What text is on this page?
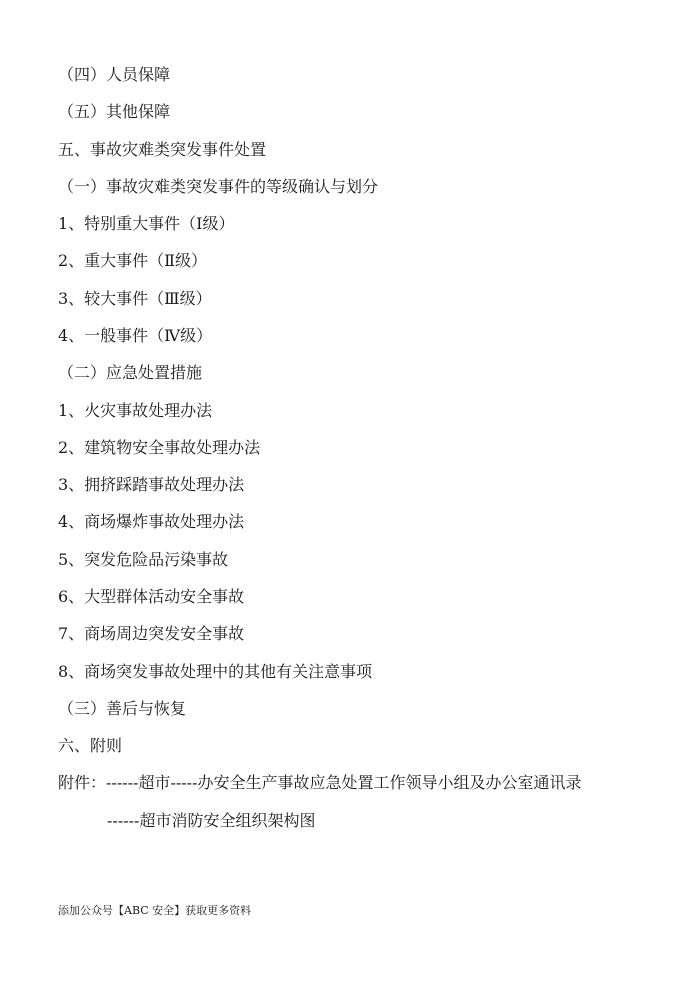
（四）人员保障
（五）其他保障
五、事故灾难类突发事件处置
（一）事故灾难类突发事件的等级确认与划分
1、特别重大事件（Ⅰ级）
2、重大事件（Ⅱ级）
3、较大事件（Ⅲ级）
4、一般事件（Ⅳ级）
（二）应急处置措施
1、火灾事故处理办法
2、建筑物安全事故处理办法
3、拥挤踩踏事故处理办法
4、商场爆炸事故处理办法
5、突发危险品污染事故
6、大型群体活动安全事故
7、商场周边突发安全事故
8、商场突发事故处理中的其他有关注意事项
（三）善后与恢复
六、附则
附件：------超市-----办安全生产事故应急处置工作领导小组及办公室通讯录
------超市消防安全组织架构图
添加公众号【ABC 安全】获取更多资料
